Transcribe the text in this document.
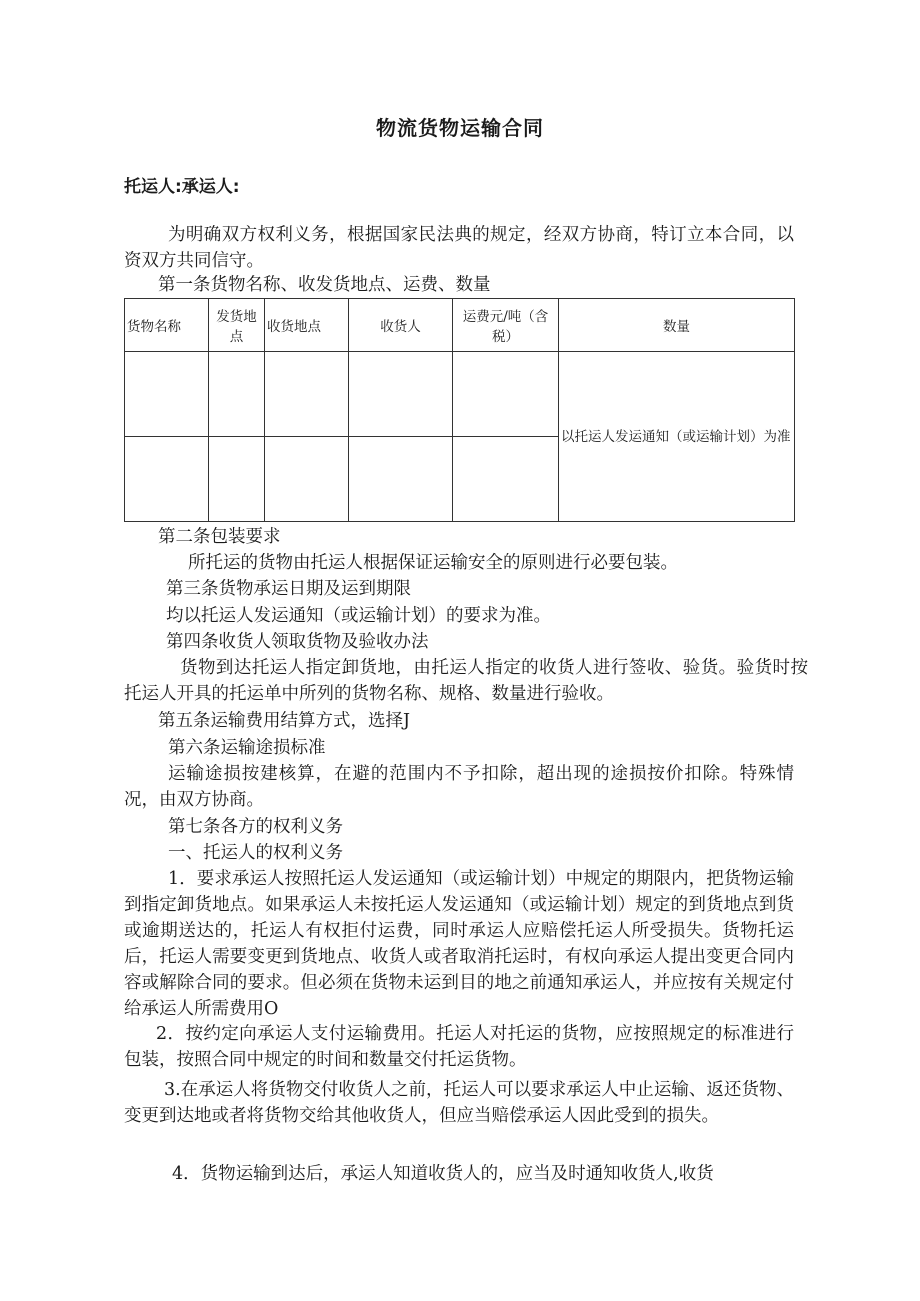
物流货物运输合同
托运人:承运人:
为明确双方权利义务，根据国家民法典的规定，经双方协商，特订立本合同，以资双方共同信守。
第一条货物名称、收发货地点、运费、数量
货物名称	发货地点	收货地点	收货人	运费元/吨（含税）	数量
					以托运人发运通知（或运输计划）为准

第二条包装要求
所托运的货物由托运人根据保证运输安全的原则进行必要包装。
第三条货物承运日期及运到期限
均以托运人发运通知（或运输计划）的要求为准。
第四条收货人领取货物及验收办法
货物到达托运人指定卸货地，由托运人指定的收货人进行签收、验货。验货时按托运人开具的托运单中所列的货物名称、规格、数量进行验收。
第五条运输费用结算方式，选择J
第六条运输途损标准
运输途损按建核算，在避的范围内不予扣除，超出现的途损按价扣除。特殊情况，由双方协商。
第七条各方的权利义务
一、托运人的权利义务
1．要求承运人按照托运人发运通知（或运输计划）中规定的期限内，把货物运输到指定卸货地点。如果承运人未按托运人发运通知（或运输计划）规定的到货地点到货或逾期送达的，托运人有权拒付运费，同时承运人应赔偿托运人所受损失。货物托运后，托运人需要变更到货地点、收货人或者取消托运时，有权向承运人提出变更合同内容或解除合同的要求。但必须在货物未运到目的地之前通知承运人，并应按有关规定付给承运人所需费用O
2．按约定向承运人支付运输费用。托运人对托运的货物，应按照规定的标准进行包装，按照合同中规定的时间和数量交付托运货物。
3.在承运人将货物交付收货人之前，托运人可以要求承运人中止运输、返还货物、变更到达地或者将货物交给其他收货人，但应当赔偿承运人因此受到的损失。
4．货物运输到达后，承运人知道收货人的，应当及时通知收货人,收货
